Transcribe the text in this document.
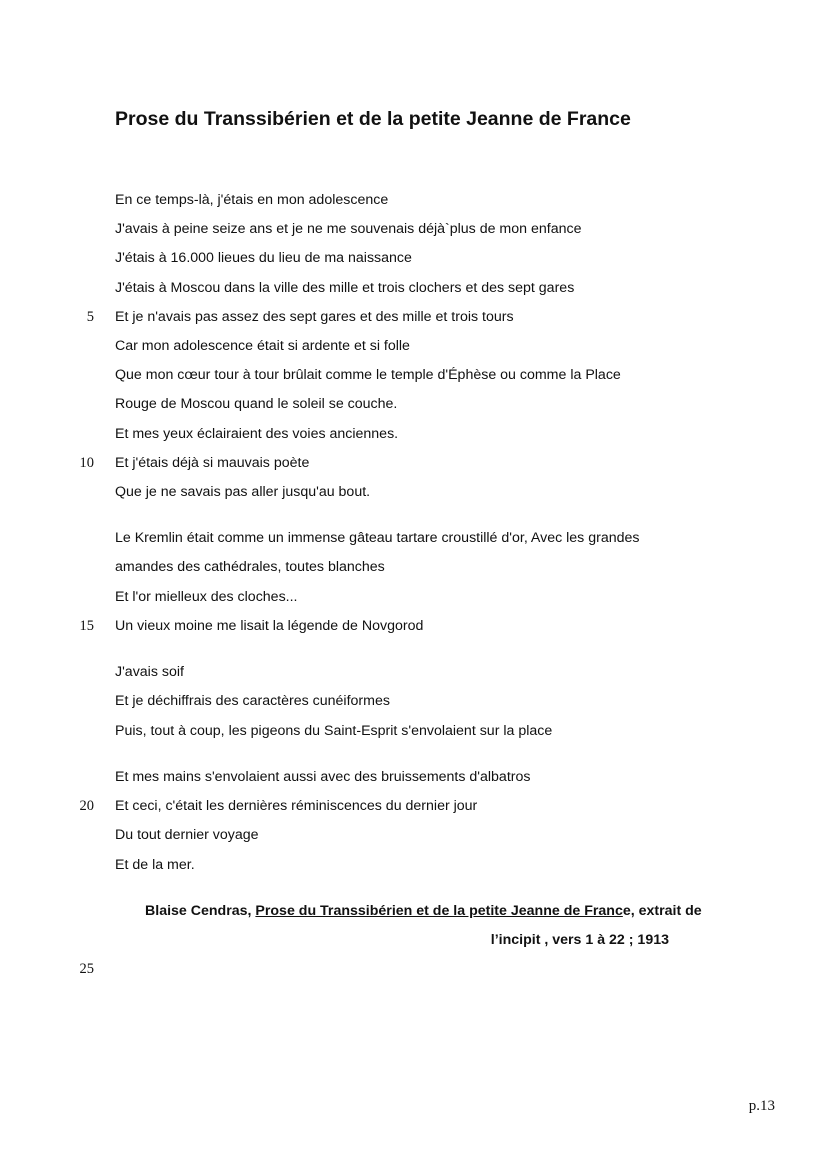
Prose du Transsibérien et de la petite Jeanne de France
En ce temps-là, j'étais en mon adolescence
J'avais à peine seize ans et je ne me souvenais déjà`plus de mon enfance
J'étais à 16.000 lieues du lieu de ma naissance
J'étais à Moscou dans la ville des mille et trois clochers et des sept gares
Et je n'avais pas assez des sept gares et des mille et trois tours
Car mon adolescence était si ardente et si folle
Que mon cœur tour à tour brûlait comme le temple d'Éphèse ou comme la Place
Rouge de Moscou quand le soleil se couche.
Et mes yeux éclairaient des voies anciennes.
Et j'étais déjà si mauvais poète
Que je ne savais pas aller jusqu'au bout.
Le Kremlin était comme un immense gâteau tartare croustillé d'or, Avec les grandes
amandes des cathédrales, toutes blanches
Et l'or mielleux des cloches...
Un vieux moine me lisait la légende de Novgorod
J'avais soif
Et je déchiffrais des caractères cunéiformes
Puis, tout à coup, les pigeons du Saint-Esprit s'envolaient sur la place
Et mes mains s'envolaient aussi avec des bruissements d'albatros
Et ceci, c'était les dernières réminiscences du dernier jour
Du tout dernier voyage
Et de la mer.
5
10
15
20
25
Blaise Cendras, Prose du Transsibérien et de la petite Jeanne de France, extrait de
l’incipit , vers 1 à 22 ; 1913
p.13
